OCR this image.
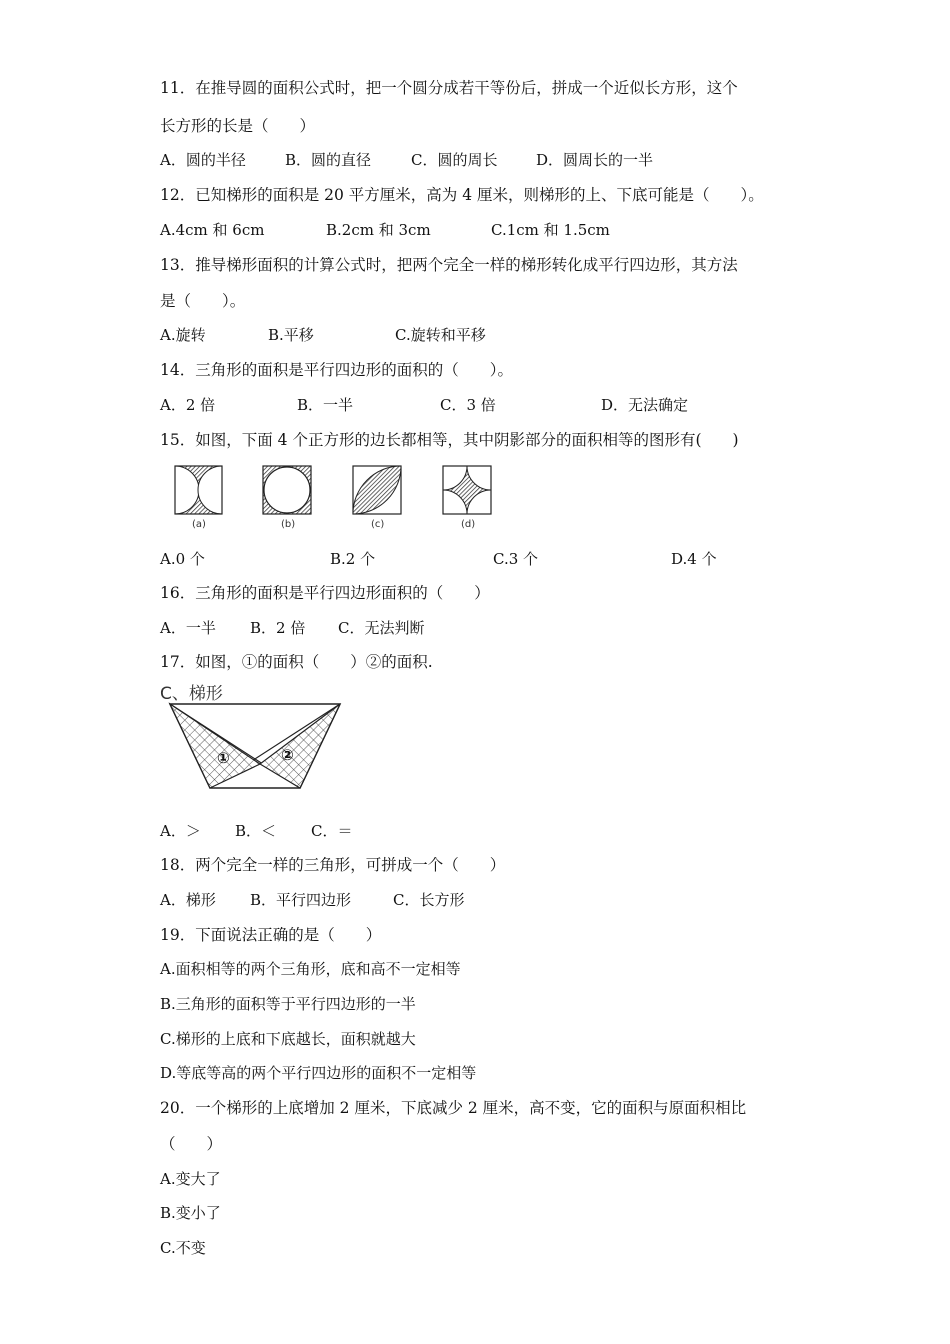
11．在推导圆的面积公式时，把一个圆分成若干等份后，拼成一个近似长方形，这个
长方形的长是（　　）
A．圆的半径	B．圆的直径	C．圆的周长	D．圆周长的一半
12．已知梯形的面积是 20 平方厘米，高为 4 厘米，则梯形的上、下底可能是（　　）。
A.4cm 和 6cm	B.2cm 和 3cm	C.1cm 和 1.5cm
13．推导梯形面积的计算公式时，把两个完全一样的梯形转化成平行四边形，其方法
是（　　）。
A.旋转	B.平移	C.旋转和平移
14．三角形的面积是平行四边形的面积的（　　）。
A．2 倍	B．一半	C．3 倍	D．无法确定
15．如图，下面 4 个正方形的边长都相等，其中阴影部分的面积相等的图形有(　　)
(a)	(b)	(c)	(d)
A.0 个	B.2 个	C.3 个	D.4 个
16．三角形的面积是平行四边形面积的（　　）
A．一半 B．2 倍 C．无法判断
17．如图，①的面积（　　）②的面积.
C、梯形
①	②
A．＞ B．＜ C．＝
18．两个完全一样的三角形，可拼成一个（　　）
A．梯形 B．平行四边形	C．长方形
19．下面说法正确的是（　　）
A.面积相等的两个三角形，底和高不一定相等
B.三角形的面积等于平行四边形的一半
C.梯形的上底和下底越长，面积就越大
D.等底等高的两个平行四边形的面积不一定相等
20．一个梯形的上底增加 2 厘米，下底减少 2 厘米，高不变，它的面积与原面积相比
（　　）
A.变大了
B.变小了
C.不变
